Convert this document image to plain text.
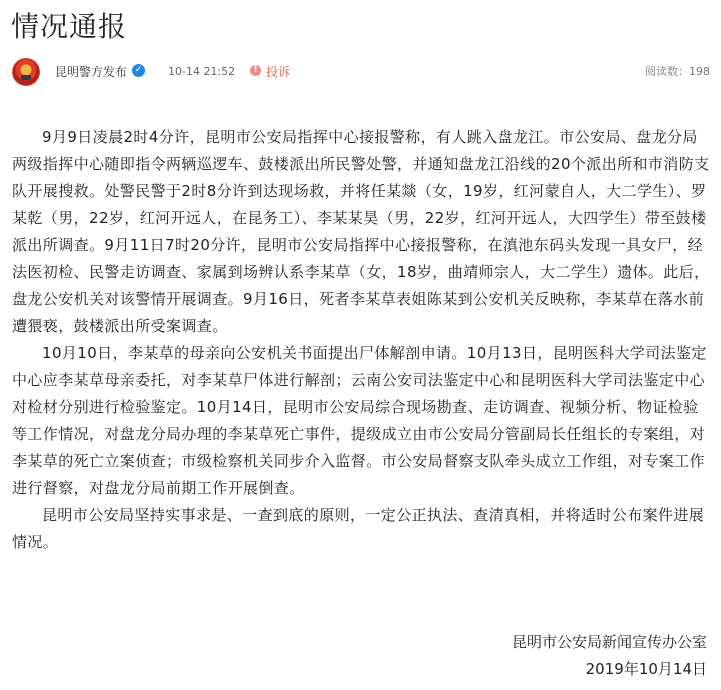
情况通报
昆明警方发布 ✓ 10-14 21:52	! 投诉	阅读数：198

9月9日凌晨2时4分许，昆明市公安局指挥中心接报警称，有人跳入盘龙江。市公安局、盘龙分局两级指挥中心随即指令两辆巡逻车、鼓楼派出所民警处警，并通知盘龙江沿线的20个派出所和市消防支队开展搜救。处警民警于2时8分许到达现场救，并将任某燚（女，19岁，红河蒙自人，大二学生）、罗某乾（男，22岁，红河开远人，在昆务工）、李某某昊（男，22岁，红河开远人，大四学生）带至鼓楼派出所调查。9月11日7时20分许，昆明市公安局指挥中心接报警称，在滇池东码头发现一具女尸，经法医初检、民警走访调查、家属到场辨认系李某草（女，18岁，曲靖师宗人，大二学生）遗体。此后，盘龙公安机关对该警情开展调查。9月16日，死者李某草表姐陈某到公安机关反映称，李某草在落水前遭猥亵，鼓楼派出所受案调查。

10月10日，李某草的母亲向公安机关书面提出尸体解剖申请。10月13日，昆明医科大学司法鉴定中心应李某草母亲委托，对李某草尸体进行解剖；云南公安司法鉴定中心和昆明医科大学司法鉴定中心对检材分别进行检验鉴定。10月14日，昆明市公安局综合现场勘查、走访调查、视频分析、物证检验等工作情况，对盘龙分局办理的李某草死亡事件，提级成立由市公安局分管副局长任组长的专案组，对李某草的死亡立案侦查；市级检察机关同步介入监督。市公安局督察支队牵头成立工作组，对专案工作进行督察，对盘龙分局前期工作开展倒查。

昆明市公安局坚持实事求是、一查到底的原则，一定公正执法、查清真相，并将适时公布案件进展情况。

昆明市公安局新闻宣传办公室
2019年10月14日
